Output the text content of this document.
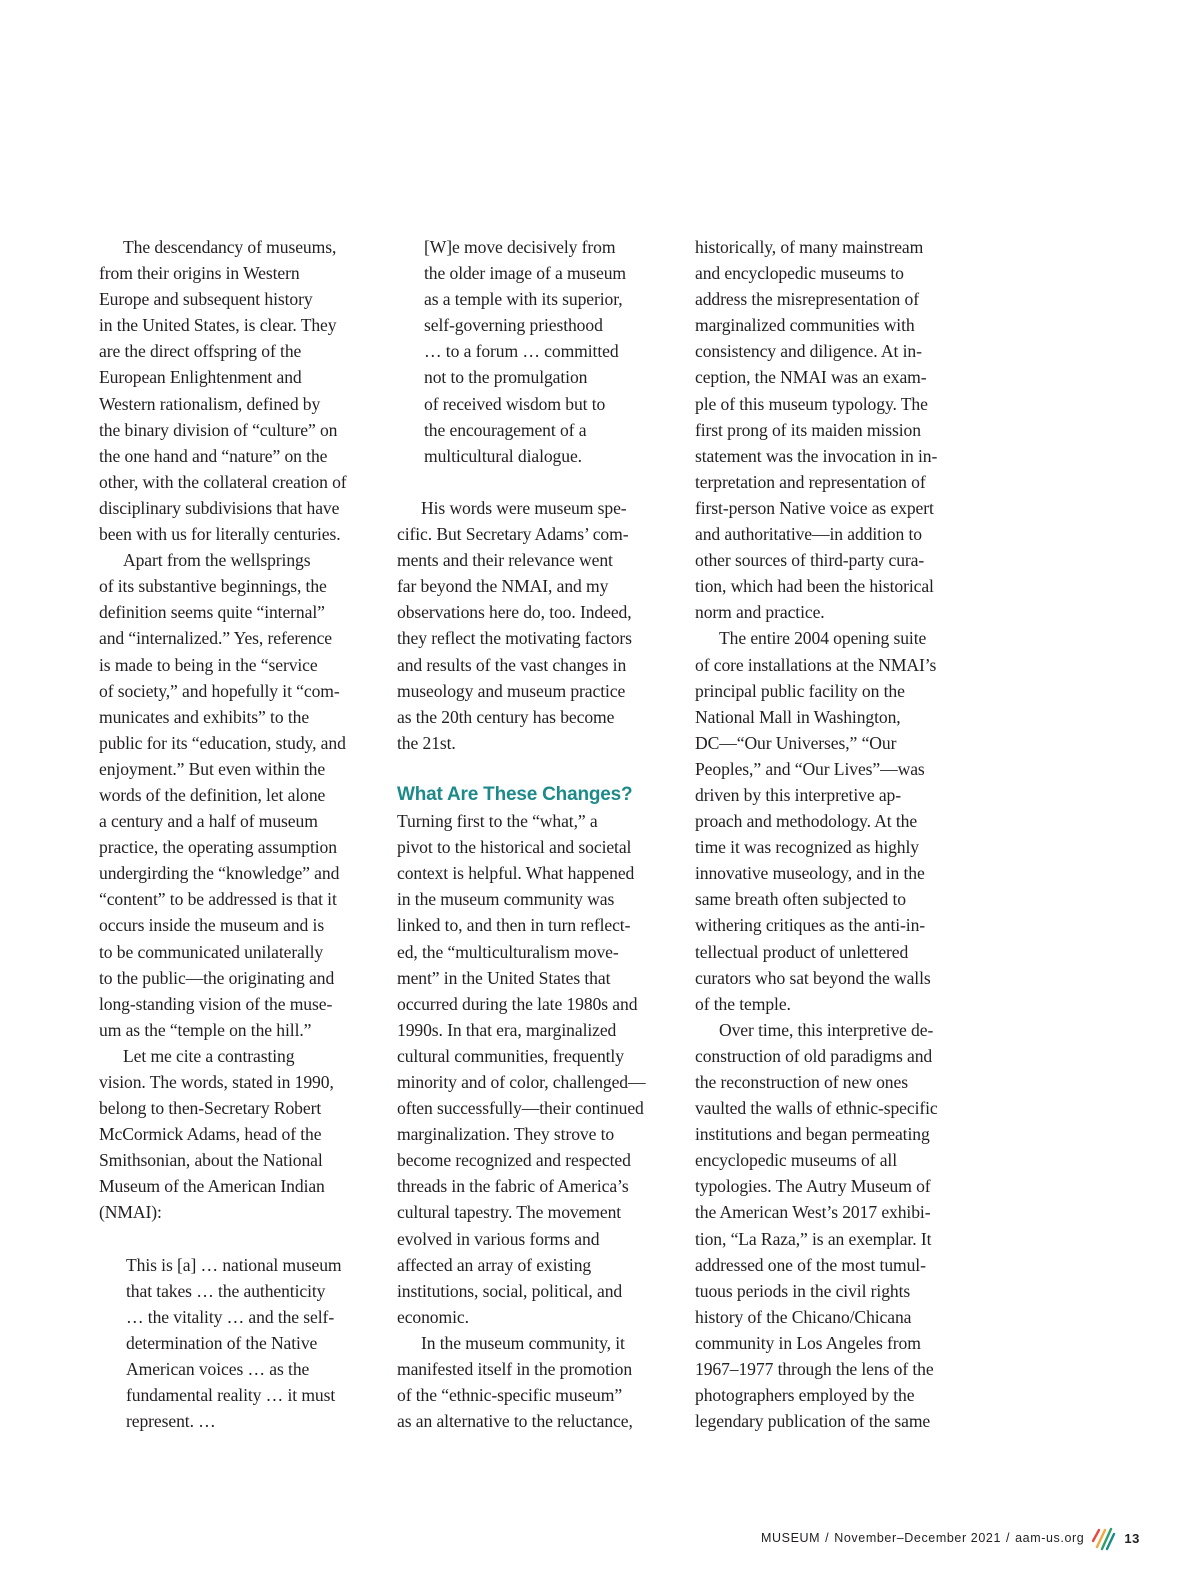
The descendancy of museums,
from their origins in Western
Europe and subsequent history
in the United States, is clear. They
are the direct offspring of the
European Enlightenment and
Western rationalism, defined by
the binary division of “culture” on
the one hand and “nature” on the
other, with the collateral creation of
disciplinary subdivisions that have
been with us for literally centuries.
Apart from the wellsprings
of its substantive beginnings, the
definition seems quite “internal”
and “internalized.” Yes, reference
is made to being in the “service
of society,” and hopefully it “com-
municates and exhibits” to the
public for its “education, study, and
enjoyment.” But even within the
words of the definition, let alone
a century and a half of museum
practice, the operating assumption
undergirding the “knowledge” and
“content” to be addressed is that it
occurs inside the museum and is
to be communicated unilaterally
to the public—the originating and
long-standing vision of the muse-
um as the “temple on the hill.”
Let me cite a contrasting
vision. The words, stated in 1990,
belong to then-Secretary Robert
McCormick Adams, head of the
Smithsonian, about the National
Museum of the American Indian
(NMAI):
This is [a] … national museum
that takes … the authenticity
… the vitality … and the self-
determination of the Native
American voices … as the
fundamental reality … it must
represent. …
[W]e move decisively from
the older image of a museum
as a temple with its superior,
self-governing priesthood
… to a forum … committed
not to the promulgation
of received wisdom but to
the encouragement of a
multicultural dialogue.
His words were museum spe-
cific. But Secretary Adams’ com-
ments and their relevance went
far beyond the NMAI, and my
observations here do, too. Indeed,
they reflect the motivating factors
and results of the vast changes in
museology and museum practice
as the 20th century has become
the 21st.
What Are These Changes?
Turning first to the “what,” a
pivot to the historical and societal
context is helpful. What happened
in the museum community was
linked to, and then in turn reflect-
ed, the “multiculturalism move-
ment” in the United States that
occurred during the late 1980s and
1990s. In that era, marginalized
cultural communities, frequently
minority and of color, challenged—
often successfully—their continued
marginalization. They strove to
become recognized and respected
threads in the fabric of America’s
cultural tapestry. The movement
evolved in various forms and
affected an array of existing
institutions, social, political, and
economic.
In the museum community, it
manifested itself in the promotion
of the “ethnic-specific museum”
as an alternative to the reluctance,
historically, of many mainstream
and encyclopedic museums to
address the misrepresentation of
marginalized communities with
consistency and diligence. At in-
ception, the NMAI was an exam-
ple of this museum typology. The
first prong of its maiden mission
statement was the invocation in in-
terpretation and representation of
first-person Native voice as expert
and authoritative—in addition to
other sources of third-party cura-
tion, which had been the historical
norm and practice.
The entire 2004 opening suite
of core installations at the NMAI’s
principal public facility on the
National Mall in Washington,
DC—“Our Universes,” “Our
Peoples,” and “Our Lives”—was
driven by this interpretive ap-
proach and methodology. At the
time it was recognized as highly
innovative museology, and in the
same breath often subjected to
withering critiques as the anti-in-
tellectual product of unlettered
curators who sat beyond the walls
of the temple.
Over time, this interpretive de-
construction of old paradigms and
the reconstruction of new ones
vaulted the walls of ethnic-specific
institutions and began permeating
encyclopedic museums of all
typologies. The Autry Museum of
the American West’s 2017 exhibi-
tion, “La Raza,” is an exemplar. It
addressed one of the most tumul-
tuous periods in the civil rights
history of the Chicano/Chicana
community in Los Angeles from
1967–1977 through the lens of the
photographers employed by the
legendary publication of the same
MUSEUM / November–December 2021 / aam-us.org	13
